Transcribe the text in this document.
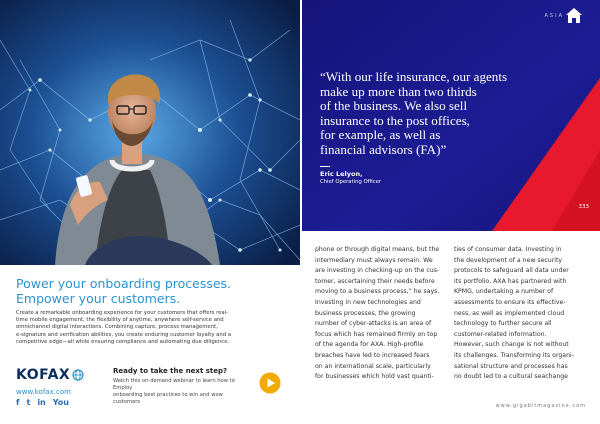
Power your onboarding processes.
Empower your customers.
Create a remarkable onboarding experience for your customers that offers real-
time mobile engagement, the flexibility of anytime, anywhere self-service and
omnichannel digital interactions. Combining capture, process management,
e-signature and verification abilities, you create enduring customer loyalty and a
competitive edge—all while ensuring compliance and automating due diligence.
KOFAX
www.kofax.com
f t in You
Ready to take the next step?
Watch this on-demand webinar to learn how to Employ
onboarding best practices to win and wow customers
ASIA
“With our life insurance, our agents
make up more than two thirds
of the business. We also sell
insurance to the post offices,
for example, as well as
financial advisors (FA)”
Eric Lelyon,
Chief Operating Officer
333
phone or through digital means, but the
intermediary must always remain. We
are investing in checking-up on the cus-
tomer, ascertaining their needs before
moving to a business process,” he says.
Investing in new technologies and
business processes, the growing
number of cyber-attacks is an area of
focus which has remained firmly on top
of the agenda for AXA. High-profile
breaches have led to increased fears
on an international scale, particularly
for businesses which hold vast quanti-
ties of consumer data. Investing in
the development of a new security
protocols to safeguard all data under
its portfolio, AXA has partnered with
KPMG, undertaking a number of
assessments to ensure its effective-
ness, as well as implemented cloud
technology to further secure all
customer-related information.
However, such change is not without
its challenges. Transforming its organi-
sational structure and processes has
no doubt led to a cultural seachange
www.gigabitmagazine.com
